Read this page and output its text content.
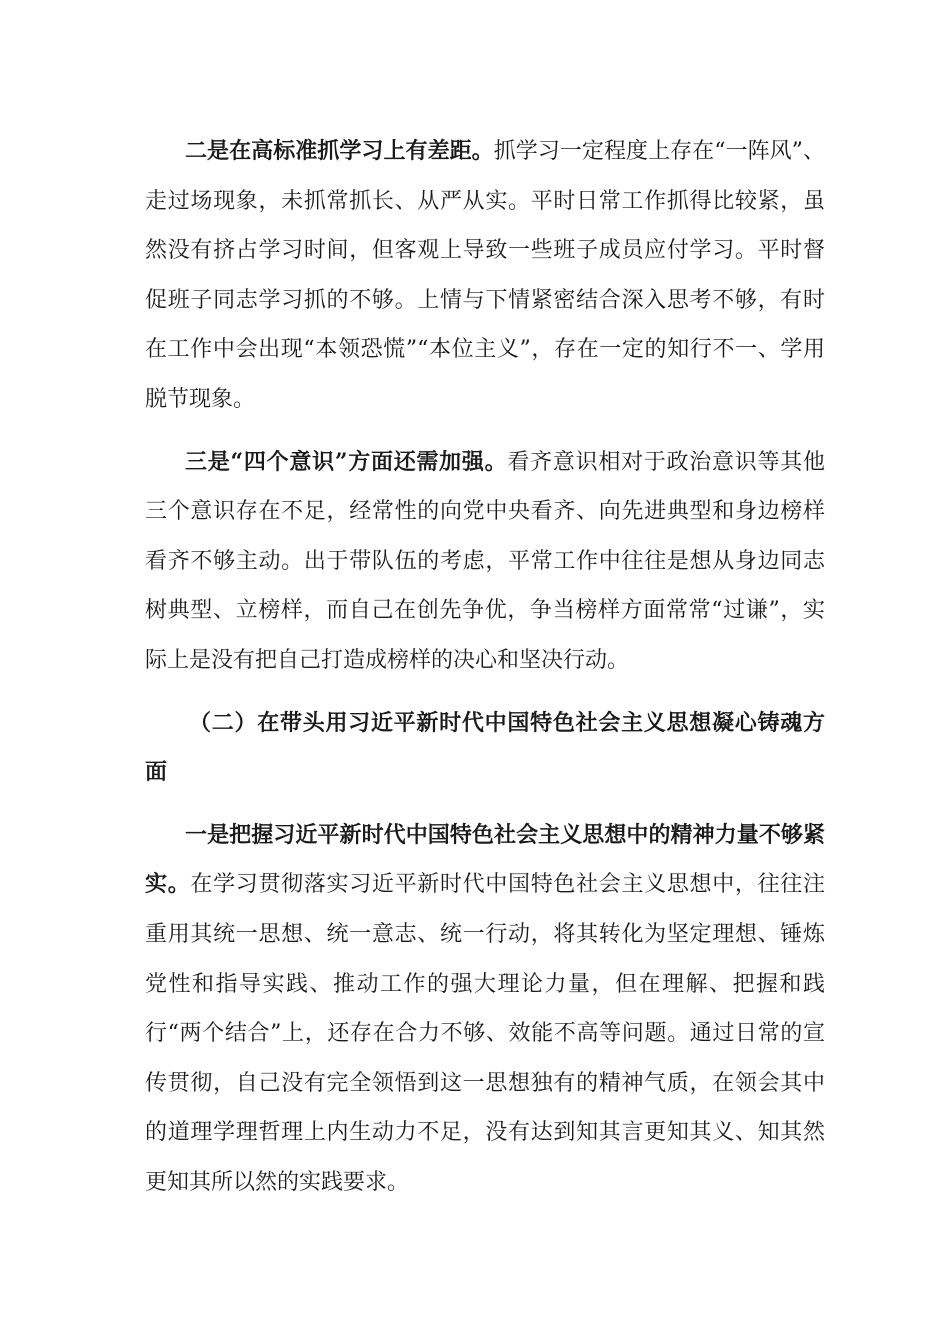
二是在高标准抓学习上有差距。抓学习一定程度上存在“一阵风”、走过场现象，未抓常抓长、从严从实。平时日常工作抓得比较紧，虽然没有挤占学习时间，但客观上导致一些班子成员应付学习。平时督促班子同志学习抓的不够。上情与下情紧密结合深入思考不够，有时在工作中会出现“本领恐慌”“本位主义”，存在一定的知行不一、学用脱节现象。

三是“四个意识”方面还需加强。看齐意识相对于政治意识等其他三个意识存在不足，经常性的向党中央看齐、向先进典型和身边榜样看齐不够主动。出于带队伍的考虑，平常工作中往往是想从身边同志树典型、立榜样，而自己在创先争优，争当榜样方面常常“过谦”，实际上是没有把自己打造成榜样的决心和坚决行动。

（二）在带头用习近平新时代中国特色社会主义思想凝心铸魂方面

一是把握习近平新时代中国特色社会主义思想中的精神力量不够紧实。在学习贯彻落实习近平新时代中国特色社会主义思想中，往往注重用其统一思想、统一意志、统一行动，将其转化为坚定理想、锤炼党性和指导实践、推动工作的强大理论力量，但在理解、把握和践行“两个结合”上，还存在合力不够、效能不高等问题。通过日常的宣传贯彻，自己没有完全领悟到这一思想独有的精神气质，在领会其中的道理学理哲理上内生动力不足，没有达到知其言更知其义、知其然更知其所以然的实践要求。
